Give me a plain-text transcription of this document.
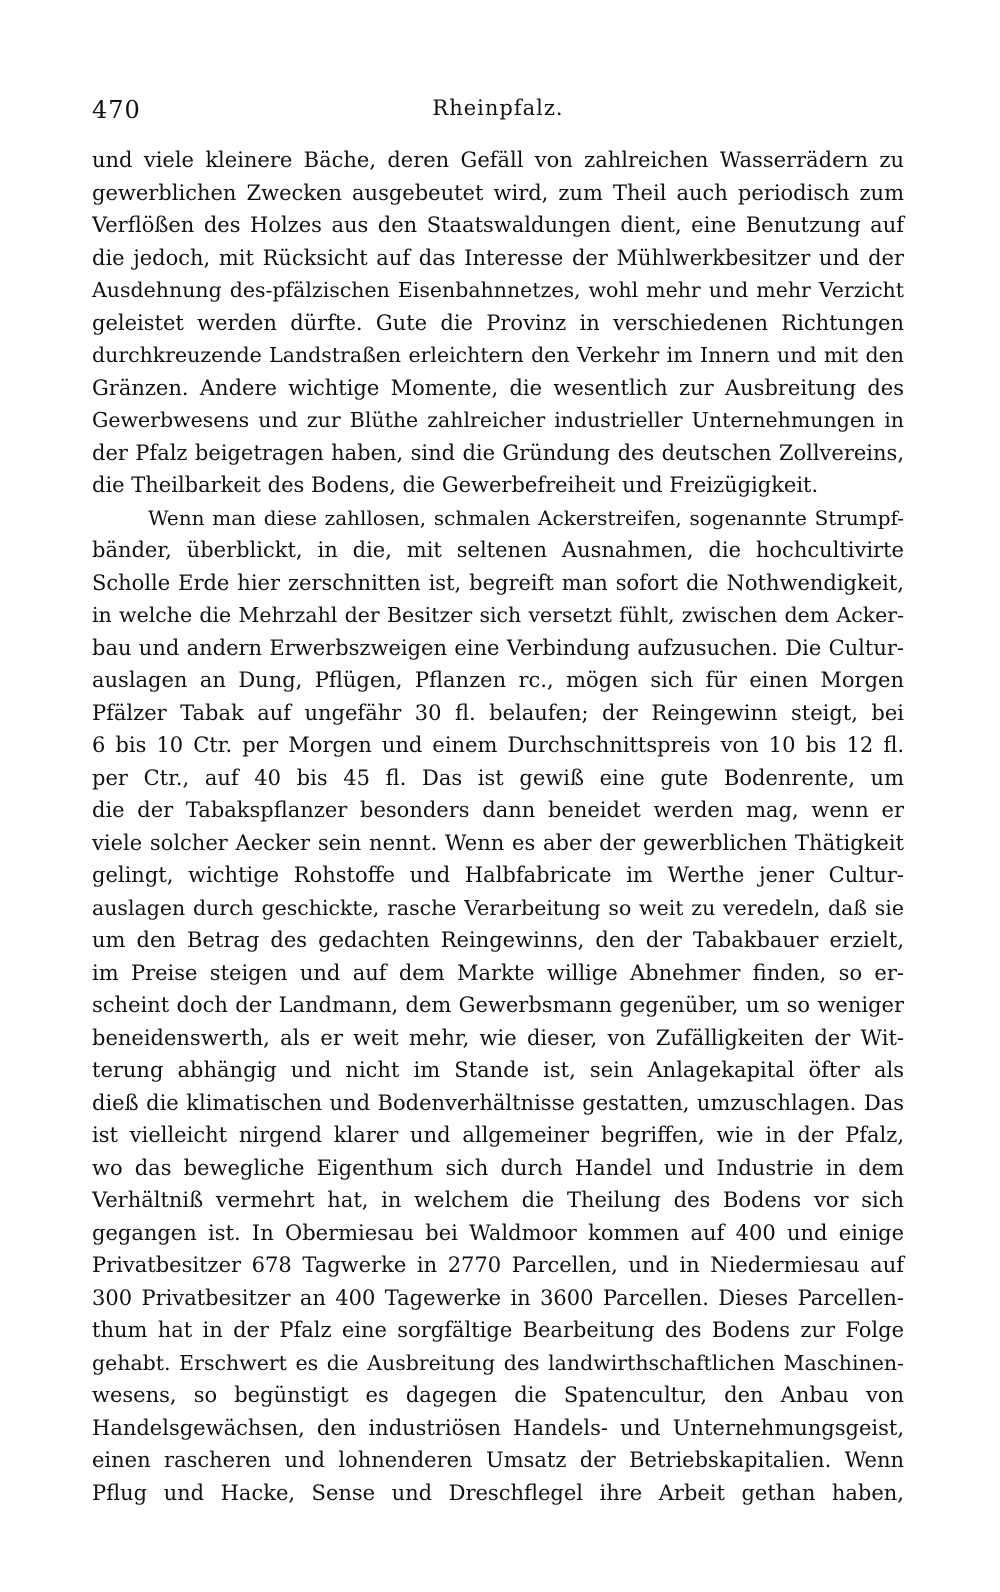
470	Rheinpfalz.
und viele kleinere Bäche, deren Gefäll von zahlreichen Wasserrädern zu
gewerblichen Zwecken ausgebeutet wird, zum Theil auch periodisch zum
Verflößen des Holzes aus den Staatswaldungen dient, eine Benutzung auf
die jedoch, mit Rücksicht auf das Interesse der Mühlwerkbesitzer und der
Ausdehnung des-pfälzischen Eisenbahnnetzes, wohl mehr und mehr Verzicht
geleistet werden dürfte. Gute die Provinz in verschiedenen Richtungen
durchkreuzende Landstraßen erleichtern den Verkehr im Innern und mit den
Gränzen. Andere wichtige Momente, die wesentlich zur Ausbreitung des
Gewerbwesens und zur Blüthe zahlreicher industrieller Unternehmungen in
der Pfalz beigetragen haben, sind die Gründung des deutschen Zollvereins,
die Theilbarkeit des Bodens, die Gewerbefreiheit und Freizügigkeit.
Wenn man diese zahllosen, schmalen Ackerstreifen, sogenannte Strumpf-
bänder, überblickt, in die, mit seltenen Ausnahmen, die hochcultivirte
Scholle Erde hier zerschnitten ist, begreift man sofort die Nothwendigkeit,
in welche die Mehrzahl der Besitzer sich versetzt fühlt, zwischen dem Acker-
bau und andern Erwerbszweigen eine Verbindung aufzusuchen. Die Cultur-
auslagen an Dung, Pflügen, Pflanzen rc., mögen sich für einen Morgen
Pfälzer Tabak auf ungefähr 30 fl. belaufen; der Reingewinn steigt, bei
6 bis 10 Ctr. per Morgen und einem Durchschnittspreis von 10 bis 12 fl.
per Ctr., auf 40 bis 45 fl. Das ist gewiß eine gute Bodenrente, um
die der Tabakspflanzer besonders dann beneidet werden mag, wenn er
viele solcher Aecker sein nennt. Wenn es aber der gewerblichen Thätigkeit
gelingt, wichtige Rohstoffe und Halbfabricate im Werthe jener Cultur-
auslagen durch geschickte, rasche Verarbeitung so weit zu veredeln, daß sie
um den Betrag des gedachten Reingewinns, den der Tabakbauer erzielt,
im Preise steigen und auf dem Markte willige Abnehmer finden, so er-
scheint doch der Landmann, dem Gewerbsmann gegenüber, um so weniger
beneidenswerth, als er weit mehr, wie dieser, von Zufälligkeiten der Wit-
terung abhängig und nicht im Stande ist, sein Anlagekapital öfter als
dieß die klimatischen und Bodenverhältnisse gestatten, umzuschlagen. Das
ist vielleicht nirgend klarer und allgemeiner begriffen, wie in der Pfalz,
wo das bewegliche Eigenthum sich durch Handel und Industrie in dem
Verhältniß vermehrt hat, in welchem die Theilung des Bodens vor sich
gegangen ist. In Obermiesau bei Waldmoor kommen auf 400 und einige
Privatbesitzer 678 Tagwerke in 2770 Parcellen, und in Niedermiesau auf
300 Privatbesitzer an 400 Tagewerke in 3600 Parcellen. Dieses Parcellen-
thum hat in der Pfalz eine sorgfältige Bearbeitung des Bodens zur Folge
gehabt. Erschwert es die Ausbreitung des landwirthschaftlichen Maschinen-
wesens, so begünstigt es dagegen die Spatencultur, den Anbau von
Handelsgewächsen, den industriösen Handels- und Unternehmungsgeist,
einen rascheren und lohnenderen Umsatz der Betriebskapitalien. Wenn
Pflug und Hacke, Sense und Dreschflegel ihre Arbeit gethan haben,
